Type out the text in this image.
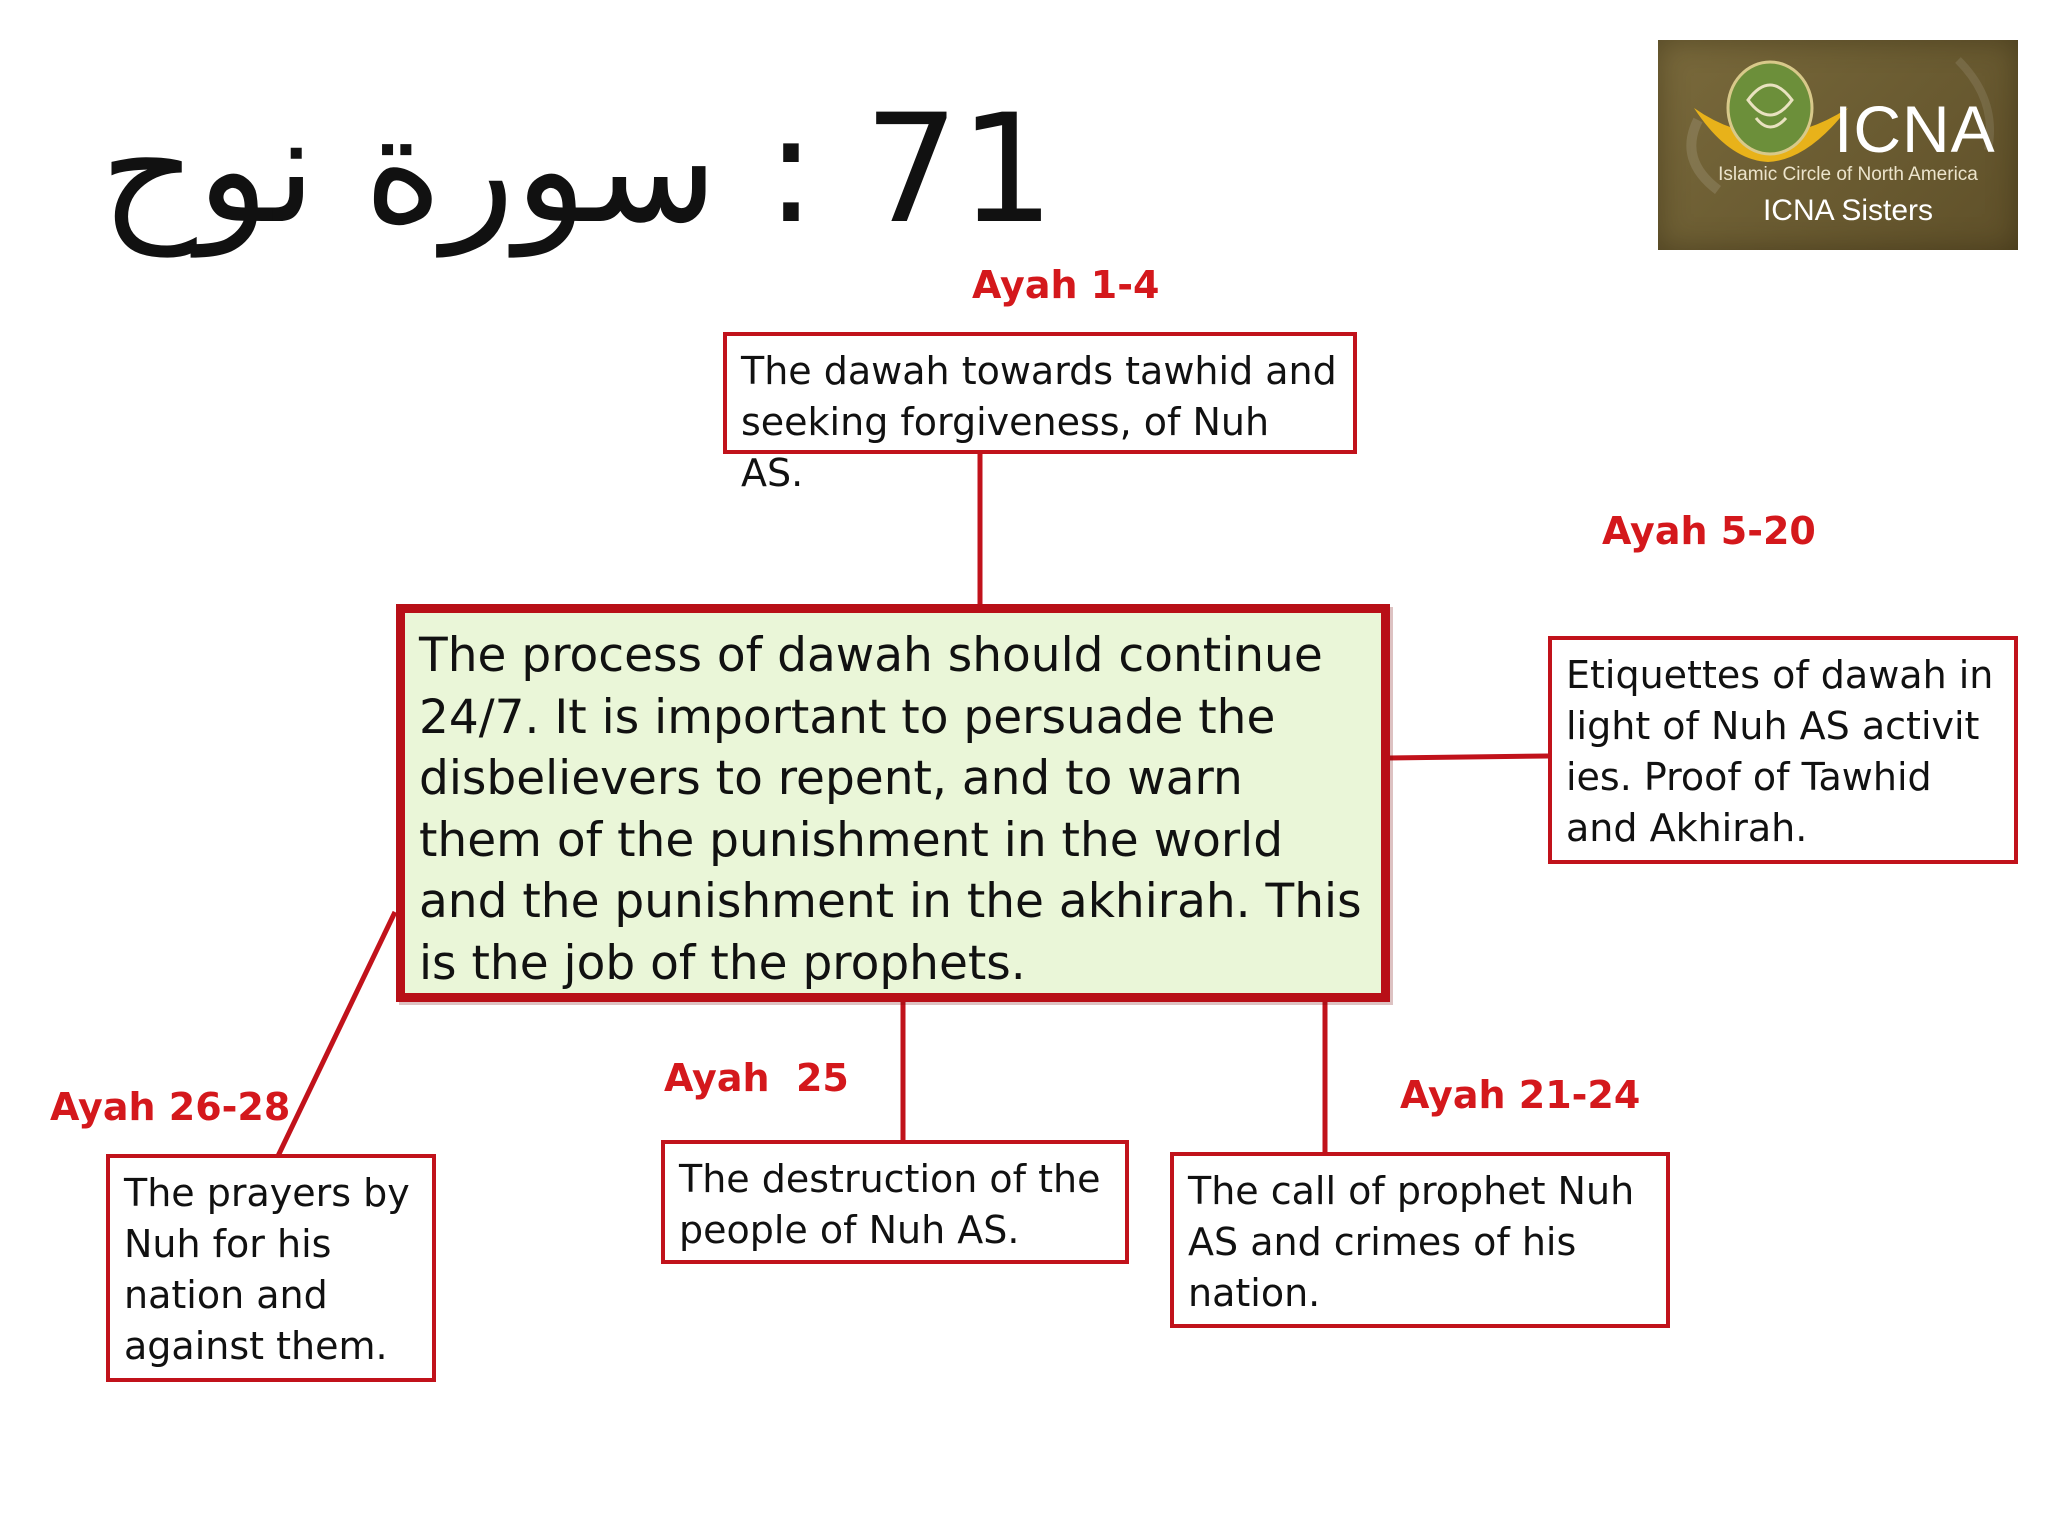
سورة نوح : 71	ICNA
Islamic Circle of North America
ICNA Sisters
The process of dawah should continue 24/7. It is important to persuade the disbelievers to repent, and to warn them of the punishment in the world and the punishment in the akhirah. This is the job of the prophets.
Ayah 1-4
The dawah towards tawhid and seeking forgiveness, of Nuh AS.
Ayah 5-20
Etiquettes of dawah in light of Nuh AS activit ies. Proof of Tawhid and Akhirah.
Ayah 21-24
The call of prophet Nuh AS and crimes of his nation.
Ayah  25
The destruction of the people of Nuh AS.
Ayah 26-28
The prayers by Nuh for his nation and against them.
